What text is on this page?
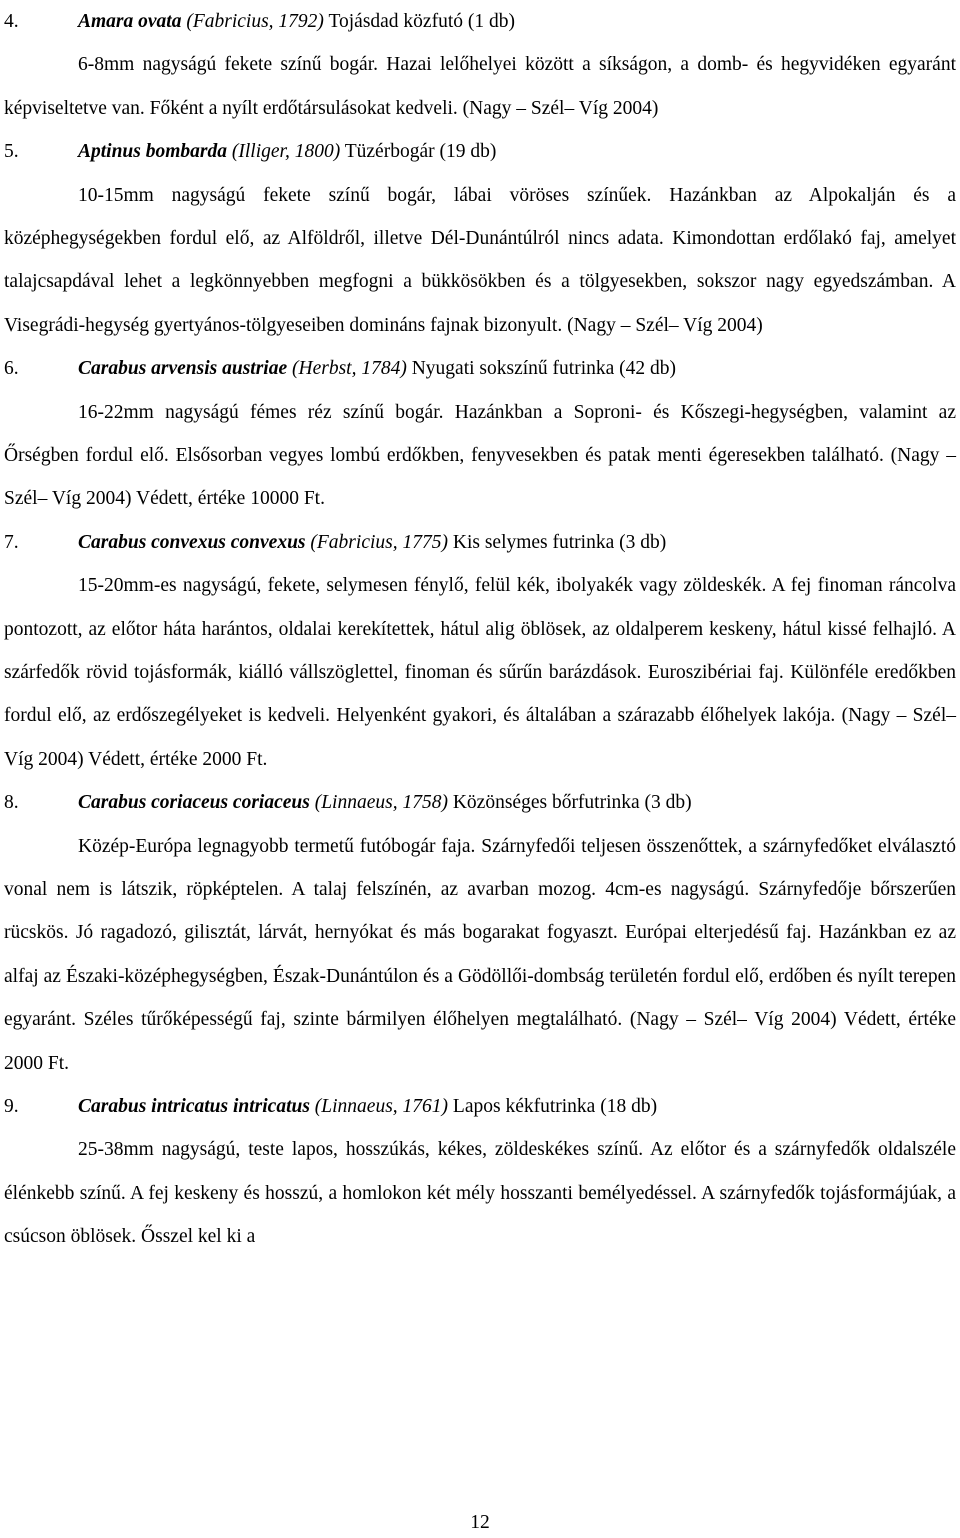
4.	Amara ovata (Fabricius, 1792) Tojásdad közfutó (1 db)

6-8mm nagyságú fekete színű bogár. Hazai lelőhelyei között a síkságon, a domb- és hegyvidéken egyaránt képviseltetve van. Főként a nyílt erdőtársulásokat kedveli. (Nagy – Szél– Víg 2004)

5.	Aptinus bombarda (Illiger, 1800) Tüzérbogár (19 db)

10-15mm nagyságú fekete színű bogár, lábai vöröses színűek. Hazánkban az Alpokalján és a középhegységekben fordul elő, az Alföldről, illetve Dél-Dunántúlról nincs adata. Kimondottan erdőlakó faj, amelyet talajcsapdával lehet a legkönnyebben megfogni a bükkösökben és a tölgyesekben, sokszor nagy egyedszámban. A Visegrádi-hegység gyertyános-tölgyeseiben domináns fajnak bizonyult. (Nagy – Szél– Víg 2004)

6.	Carabus arvensis austriae (Herbst, 1784) Nyugati sokszínű futrinka (42 db)

16-22mm nagyságú fémes réz színű bogár. Hazánkban a Soproni- és Kőszegi-hegységben, valamint az Őrségben fordul elő. Elsősorban vegyes lombú erdőkben, fenyvesekben és patak menti égeresekben található. (Nagy – Szél– Víg 2004) Védett, értéke 10000 Ft.

7.	Carabus convexus convexus (Fabricius, 1775) Kis selymes futrinka (3 db)

15-20mm-es nagyságú, fekete, selymesen fénylő, felül kék, ibolyakék vagy zöldeskék. A fej finoman ráncolva pontozott, az előtor háta harántos, oldalai kerekítettek, hátul alig öblösek, az oldalperem keskeny, hátul kissé felhajló. A szárfedők rövid tojásformák, kiálló vállszöglettel, finoman és sűrűn barázdások. Euroszibériai faj. Különféle eredőkben fordul elő, az erdőszegélyeket is kedveli. Helyenként gyakori, és általában a szárazabb élőhelyek lakója. (Nagy – Szél– Víg 2004) Védett, értéke 2000 Ft.

8.	Carabus coriaceus coriaceus (Linnaeus, 1758) Közönséges bőrfutrinka (3 db)

Közép-Európa legnagyobb termetű futóbogár faja. Szárnyfedői teljesen összenőttek, a szárnyfedőket elválasztó vonal nem is látszik, röpképtelen. A talaj felszínén, az avarban mozog. 4cm-es nagyságú. Szárnyfedője bőrszerűen rücskös. Jó ragadozó, gilisztát, lárvát, hernyókat és más bogarakat fogyaszt. Európai elterjedésű faj. Hazánkban ez az alfaj az Északi-középhegységben, Észak-Dunántúlon és a Gödöllői-dombság területén fordul elő, erdőben és nyílt terepen egyaránt. Széles tűrőképességű faj, szinte bármilyen élőhelyen megtalálható. (Nagy – Szél– Víg 2004) Védett, értéke 2000 Ft.

9.	Carabus intricatus intricatus (Linnaeus, 1761) Lapos kékfutrinka (18 db)

25-38mm nagyságú, teste lapos, hosszúkás, kékes, zöldeskékes színű. Az előtor és a szárnyfedők oldalszéle élénkebb színű. A fej keskeny és hosszú, a homlokon két mély hosszanti bemélyedéssel. A szárnyfedők tojásformájúak, a csúcson öblösek. Ősszel kel ki a

12
